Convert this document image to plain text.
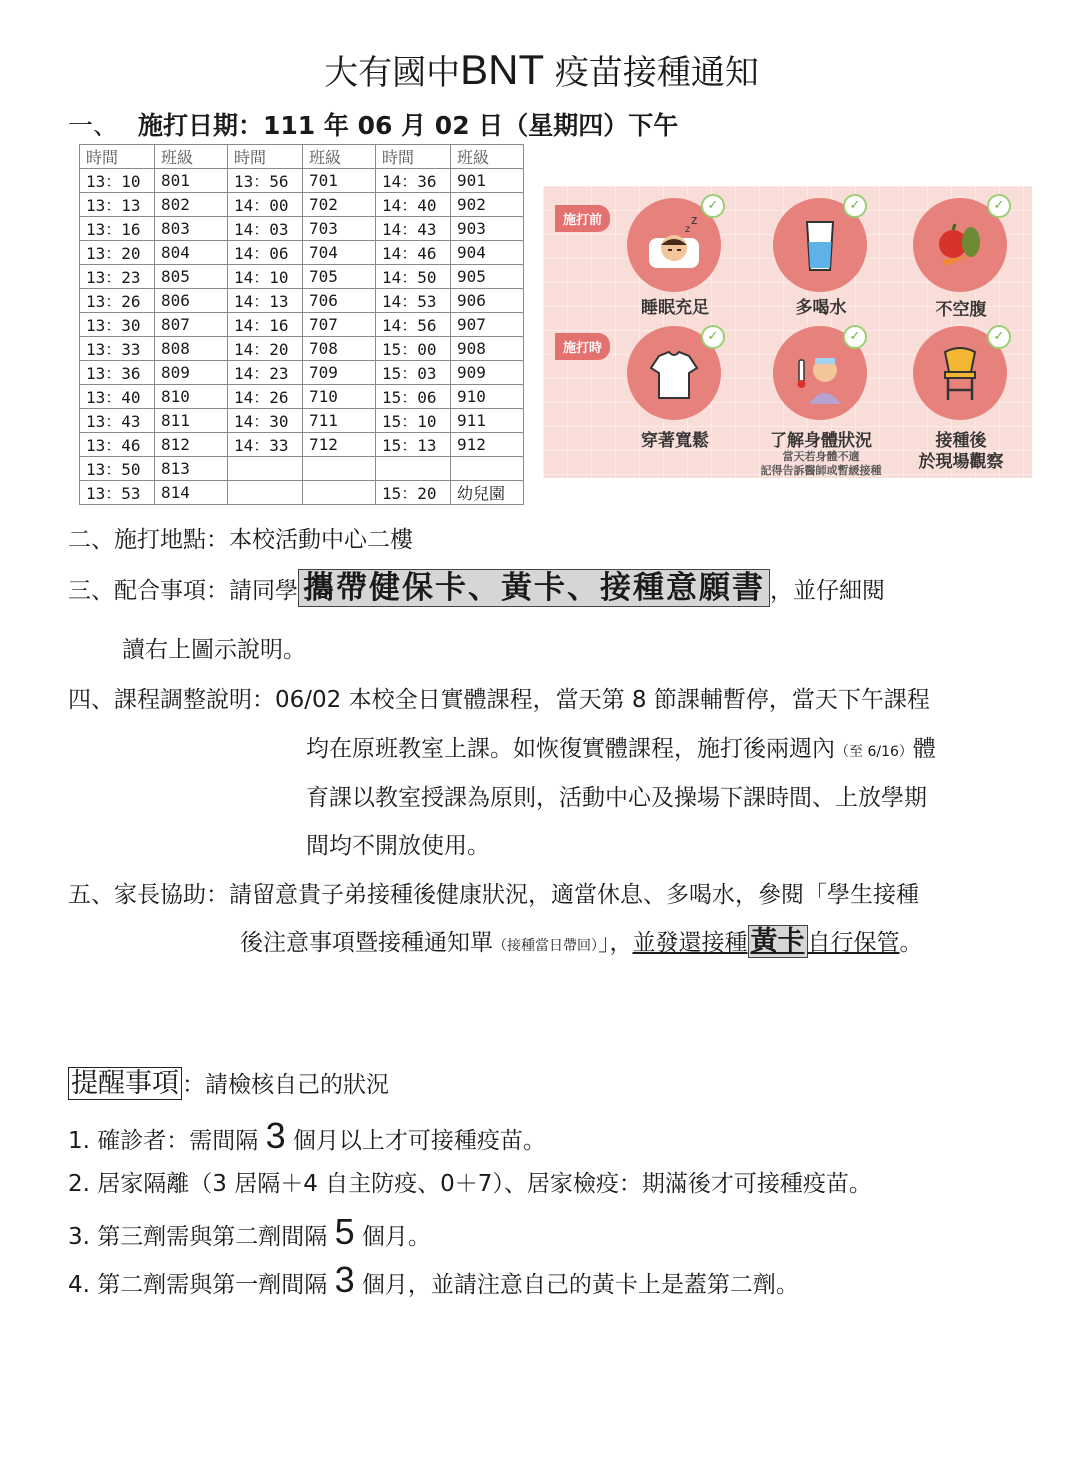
大有國中BNT 疫苗接種通知
一、 施打日期：111 年 06 月 02 日（星期四）下午
時間	班級	時間	班級	時間	班級
13：10	801	13：56	701	14：36	901
13：13	802	14：00	702	14：40	902
13：16	803	14：03	703	14：43	903
13：20	804	14：06	704	14：46	904
13：23	805	14：10	705	14：50	905
13：26	806	14：13	706	14：53	906
13：30	807	14：16	707	14：56	907
13：33	808	14：20	708	15：00	908
13：36	809	14：23	709	15：03	909
13：40	810	14：26	710	15：06	910
13：43	811	14：30	711	15：10	911
13：46	812	14：33	712	15：13	912
13：50	813				
13：53	814			15：20	幼兒園
施打前
施打時
z
z
✓	✓	✓
睡眠充足	多喝水	不空腹
✓	✓	✓
穿著寬鬆	了解身體狀況	接種後
於現場觀察
當天若身體不適
記得告訴醫師或暫緩接種
二、施打地點：本校活動中心二樓
三、配合事項：請同學 攜帶健保卡、黃卡、接種意願書 ，並仔細閱
讀右上圖示說明。
四、課程調整說明：06/02 本校全日實體課程，當天第 8 節課輔暫停，當天下午課程
均在原班教室上課。如恢復實體課程，施打後兩週內（至 6/16）體
育課以教室授課為原則，活動中心及操場下課時間、上放學期
間均不開放使用。
五、家長協助：請留意貴子弟接種後健康狀況，適當休息、多喝水，參閱「學生接種
後注意事項暨接種通知單（接種當日帶回）」，並發還接種 黃卡 自行保管。
提醒事項 ：請檢核自己的狀況
1. 確診者：需間隔 3 個月以上才可接種疫苗。
2. 居家隔離（3 居隔＋4 自主防疫、0＋7）、居家檢疫：期滿後才可接種疫苗。
3. 第三劑需與第二劑間隔 5 個月。
4. 第二劑需與第一劑間隔 3 個月，並請注意自己的黃卡上是蓋第二劑。
